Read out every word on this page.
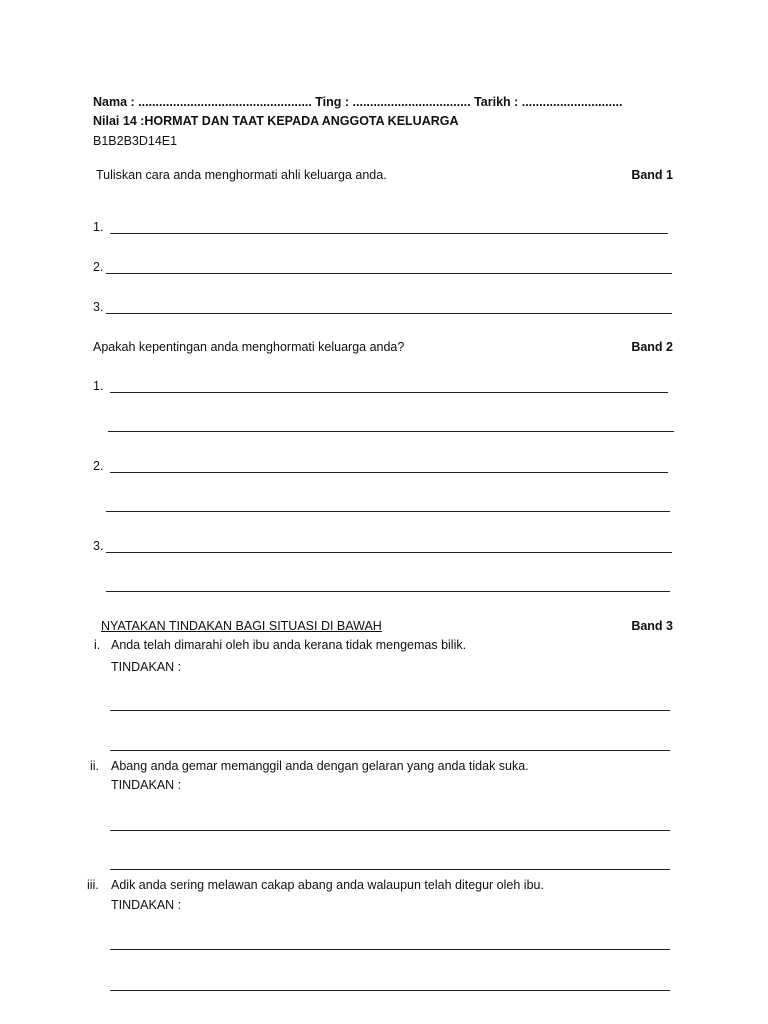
Nama : .................................................. Ting : .................................. Tarikh : .............................
Nilai 14 :HORMAT DAN TAAT KEPADA ANGGOTA KELUARGA
B1B2B3D14E1
Tuliskan cara anda menghormati ahli keluarga anda.	Band 1
1.
2.
3.
Apakah kepentingan anda menghormati keluarga anda?	Band 2
1.
2.
3.
NYATAKAN TINDAKAN BAGI SITUASI DI BAWAH	Band 3
i. Anda telah dimarahi oleh ibu anda kerana tidak mengemas bilik.
TINDAKAN :
ii. Abang anda gemar memanggil anda dengan gelaran yang anda tidak suka.
TINDAKAN :
iii. Adik anda sering melawan cakap abang anda walaupun telah ditegur oleh ibu.
TINDAKAN :
